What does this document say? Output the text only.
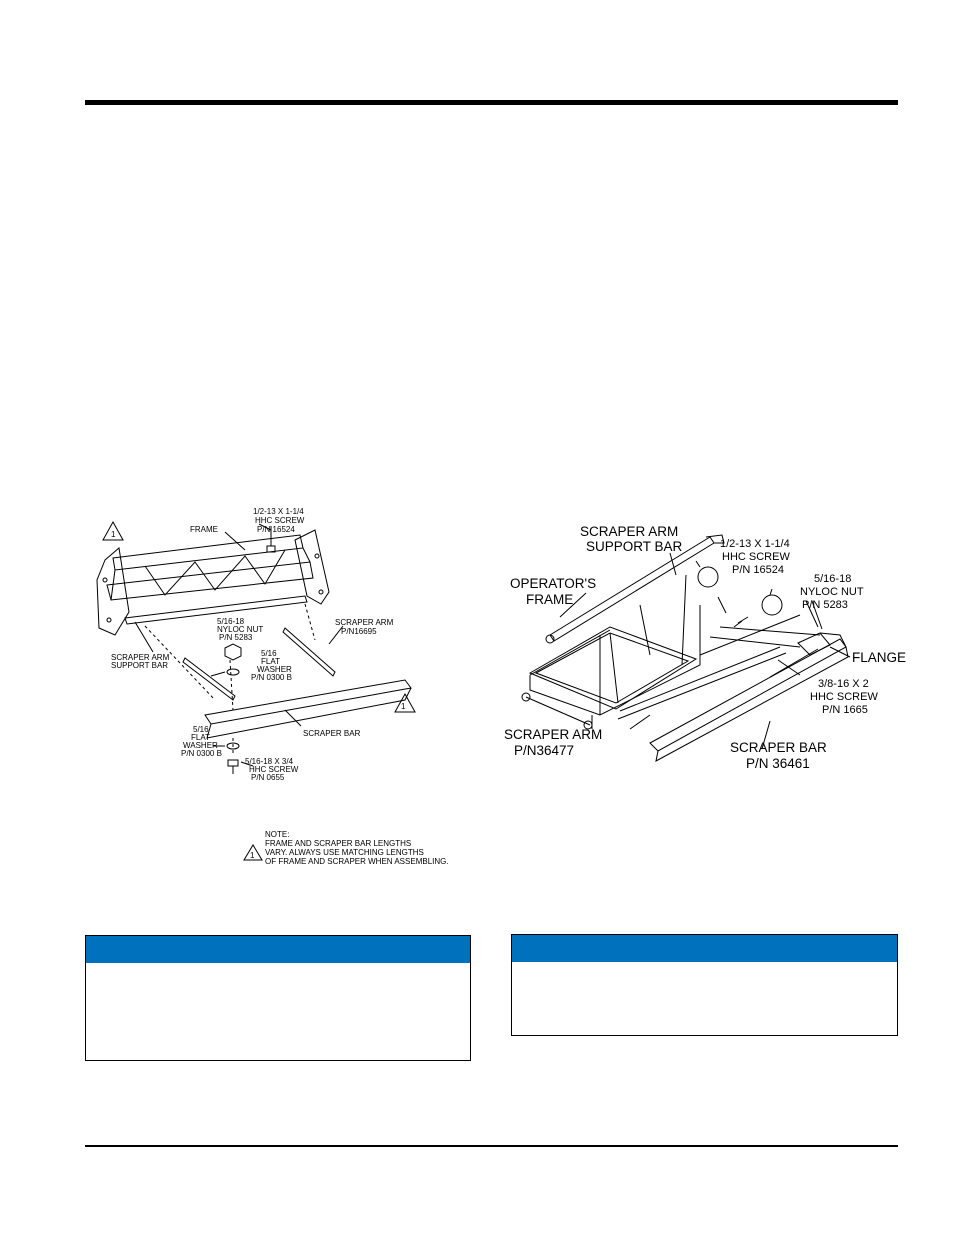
1
1
FRAME
1/2-13 X 1-1/4
HHC SCREW
P/N 16524
SCRAPER ARM
P/N16695
5/16-18
NYLOC NUT
P/N 5283
5/16
FLAT
WASHER
P/N 0300 B
SCRAPER ARM
SUPPORT BAR
SCRAPER BAR
5/16
FLAT
WASHER
P/N 0300 B
5/16-18 X 3/4
HHC SCREW
P/N 0655
1
NOTE:
FRAME AND SCRAPER BAR LENGTHS
VARY. ALWAYS USE MATCHING LENGTHS
OF FRAME AND SCRAPER WHEN ASSEMBLING.
SCRAPER ARM
SUPPORT BAR
OPERATOR'S
FRAME
FLANGE
SCRAPER ARM
P/N36477	SCRAPER BAR
P/N 36461
1/2-13 X 1-1/4
HHC SCREW
P/N 16524
5/16-18
NYLOC NUT
P/N 5283
3/8-16 X 2
HHC SCREW
P/N 1665
